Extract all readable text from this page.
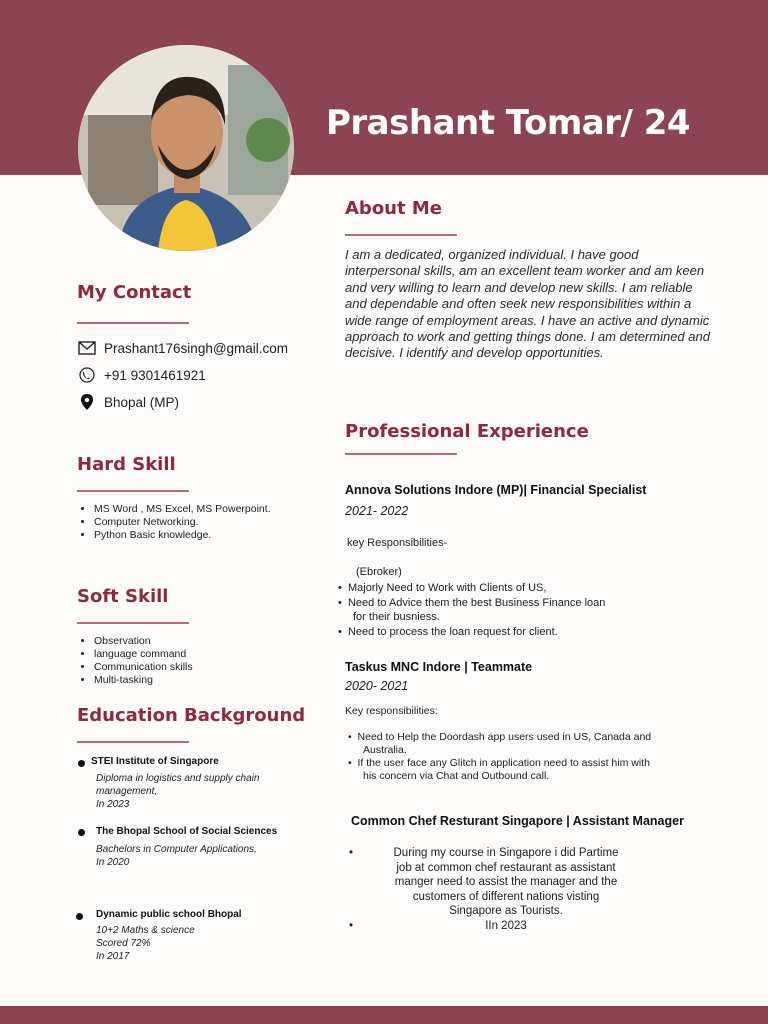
Prashant Tomar/ 24
About Me
I am a dedicated, organized individual. I have good interpersonal skills, am an excellent team worker and am keen and very willing to learn and develop new skills. I am reliable and dependable and often seek new responsibilities within a wide range of employment areas. I have an active and dynamic approach to work and getting things done. I am determined and decisive. I identify and develop opportunities.
My Contact
Prashant176singh@gmail.com
+91 9301461921
Bhopal (MP)
Hard Skill
• MS Word , MS Excel, MS Powerpoint.
• Computer Networking.
• Python Basic knowledge.
Soft Skill
• Observation
• language command
• Communication skills
• Multi-tasking
Education Background
STEI Institute of Singapore
Diploma in logistics and supply chain
management,
In 2023
The Bhopal School of Social Sciences
Bachelors in Computer Applications,
In 2020
Dynamic public school Bhopal
10+2 Maths & science
Scored 72%
In 2017
Professional Experience
Annova Solutions Indore (MP)| Financial Specialist
2021- 2022
key Responsibilities-
(Ebroker)
•  Majorly Need to Work with Clients of US,
•  Need to Advice them the best Business Finance loan
for their busniess.
•  Need to process the loan request for client.
Taskus MNC Indore | Teammate
2020- 2021
Key responsibilities:
•  Need to Help the Doordash app users used in US, Canada and
Australia.
•  If the user face any Glitch in application need to assist him with
his concern via Chat and Outbound call.
Common Chef Resturant Singapore | Assistant Manager
•	During my course in Singapore i did Partime
job at common chef restaurant as assistant
manger need to assist the manager and the
customers of different nations visting
Singapore as Tourists.
•	IIn 2023
